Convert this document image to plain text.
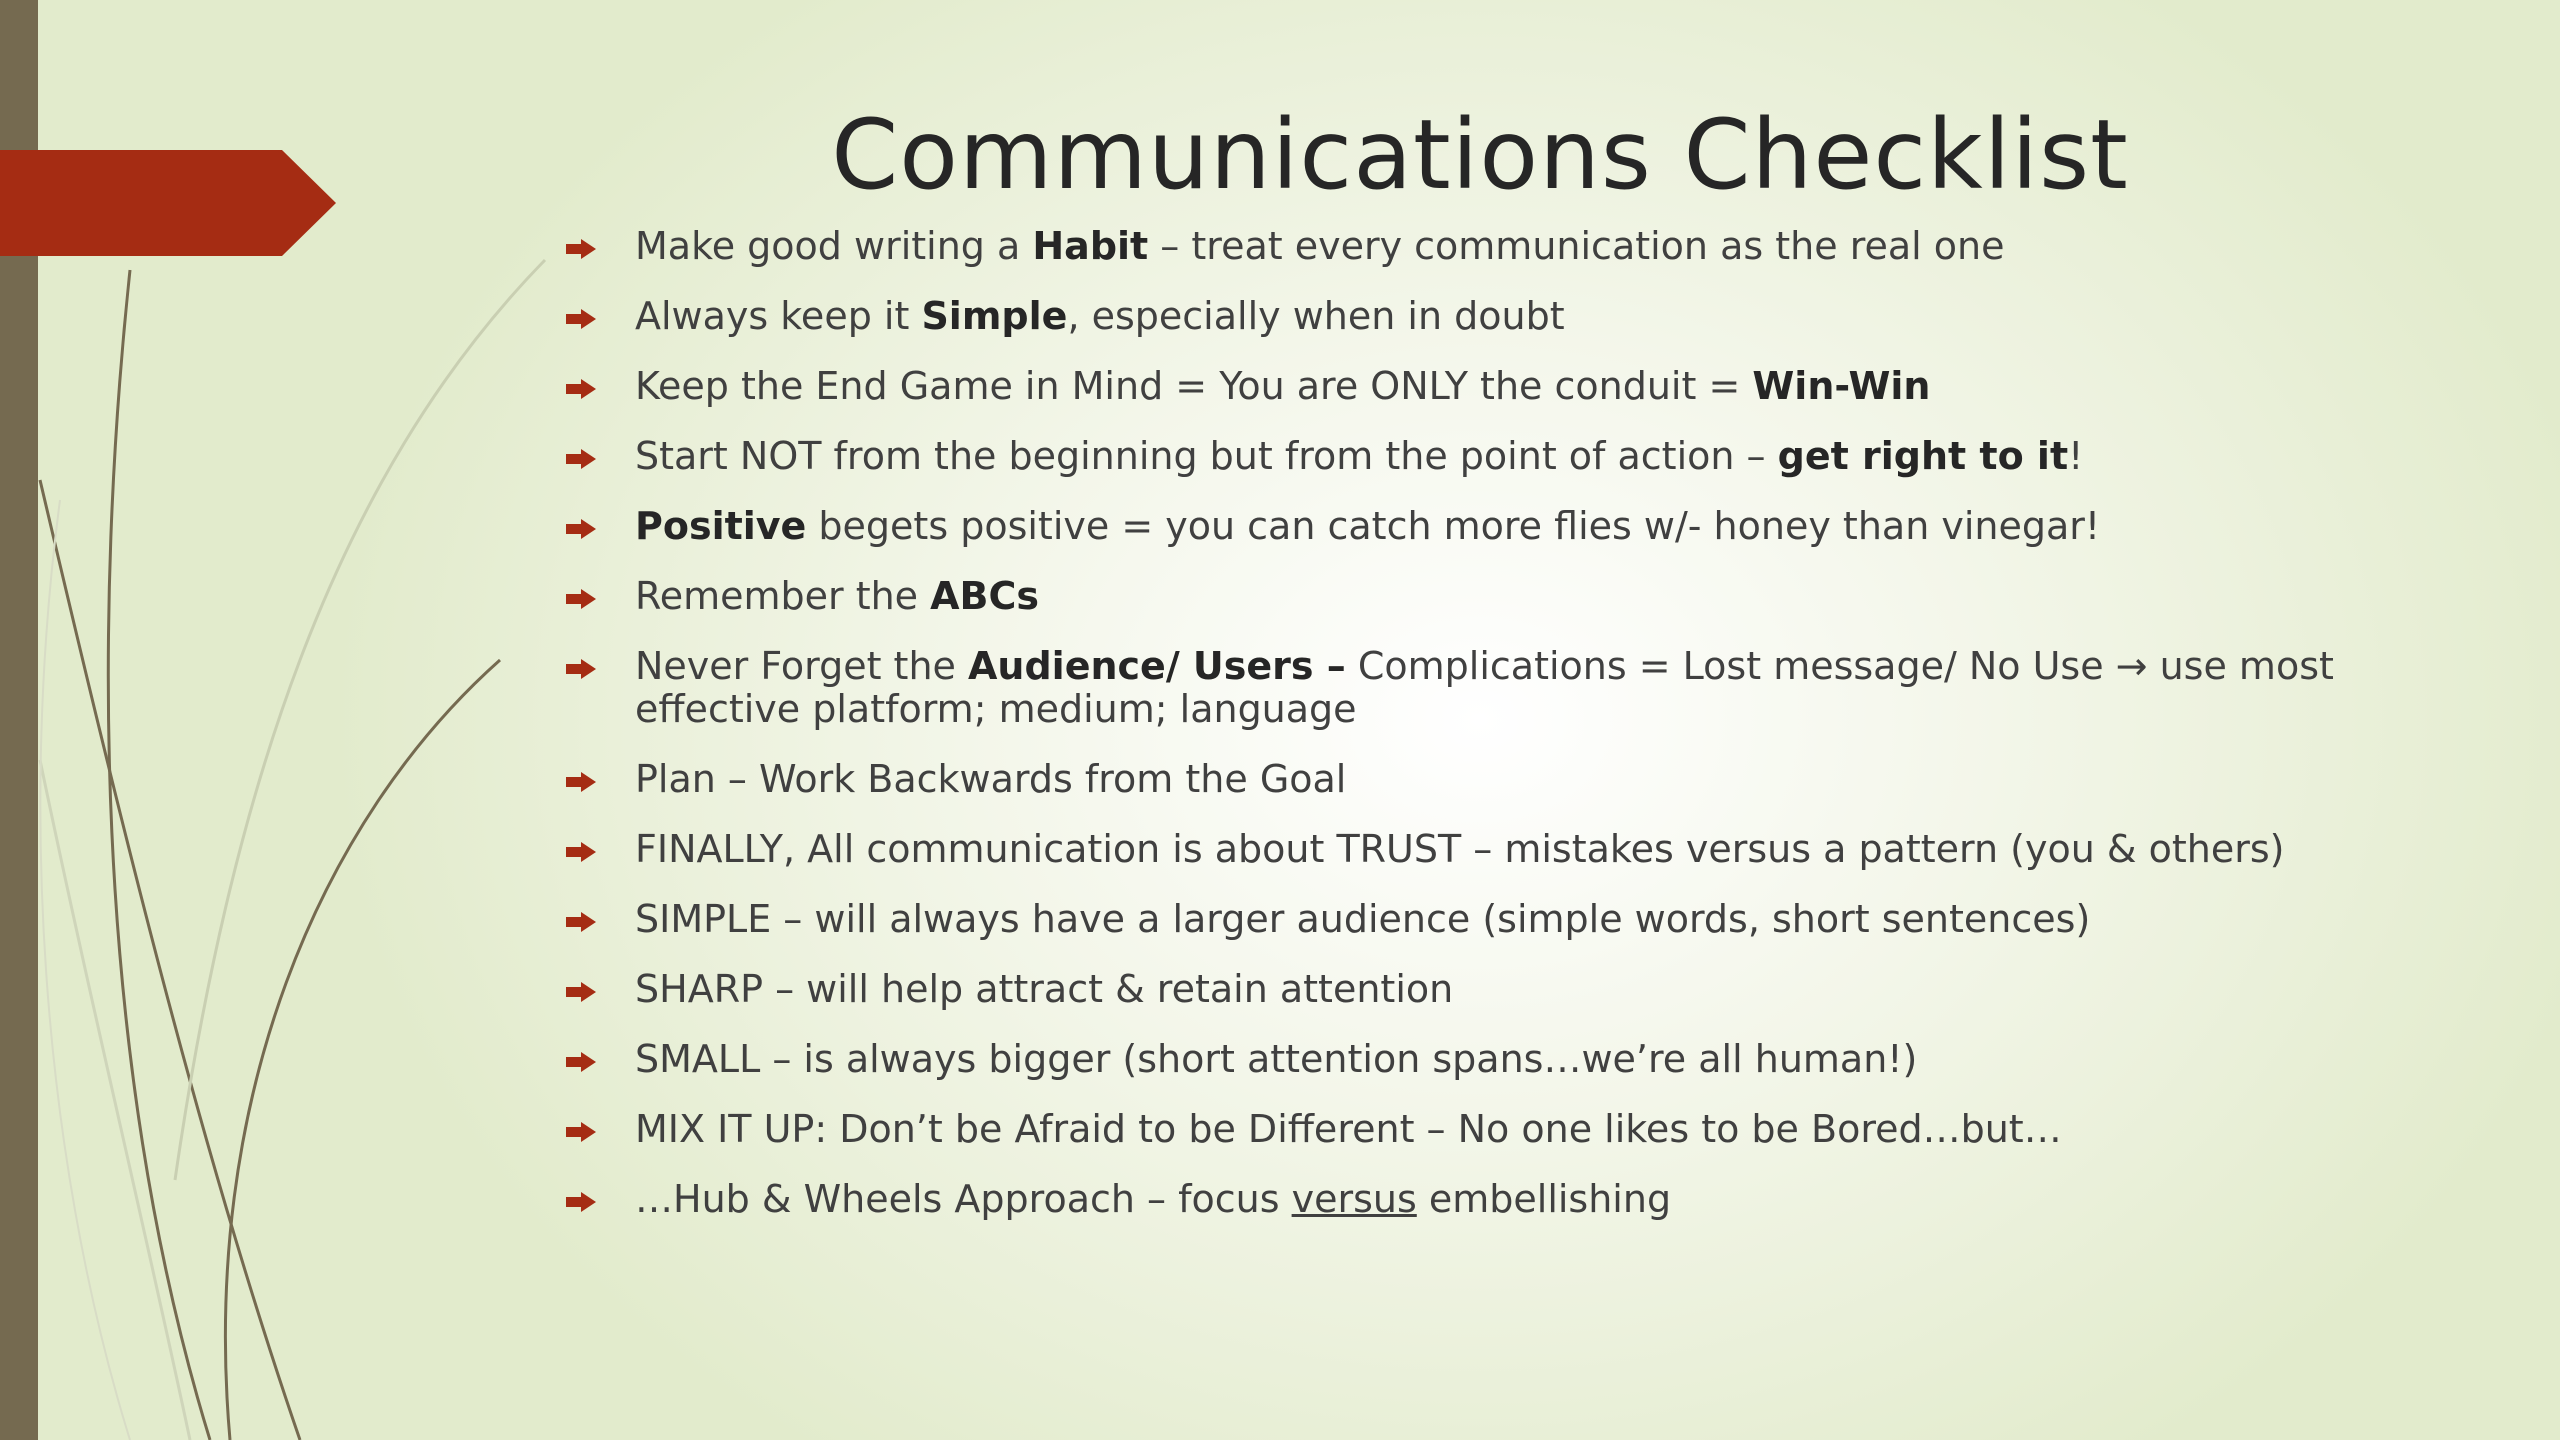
Communications Checklist
Make good writing a Habit – treat every communication as the real one
Always keep it Simple, especially when in doubt
Keep the End Game in Mind = You are ONLY the conduit = Win-Win
Start NOT from the beginning but from the point of action – get right to it!
Positive begets positive = you can catch more flies w/- honey than vinegar!
Remember the ABCs
Never Forget the Audience/ Users – Complications = Lost message/ No Use → use most effective platform; medium; language
Plan – Work Backwards from the Goal
FINALLY, All communication is about TRUST – mistakes versus a pattern (you & others)
SIMPLE – will always have a larger audience (simple words, short sentences)
SHARP – will help attract & retain attention
SMALL – is always bigger (short attention spans…we’re all human!)
MIX IT UP: Don’t be Afraid to be Different – No one likes to be Bored…but…
…Hub & Wheels Approach – focus versus embellishing
